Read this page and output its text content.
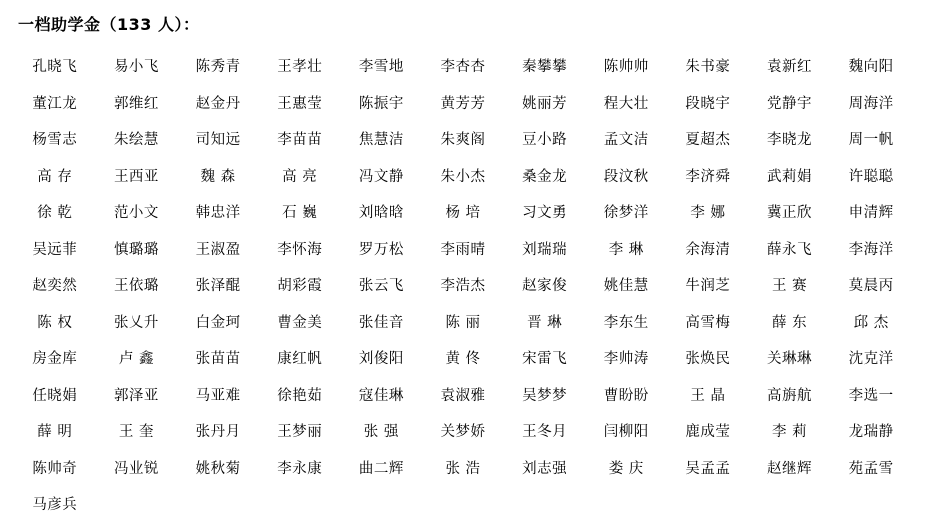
一档助学金（133 人）：
孔晓飞	易小飞	陈秀青	王孝壮	李雪地	李杏杏	秦攀攀	陈帅帅	朱书豪	袁新红	魏向阳
董江龙	郭维红	赵金丹	王惠莹	陈振宇	黄芳芳	姚丽芳	程大壮	段晓宇	党静宇	周海洋
杨雪志	朱绘慧	司知远	李苗苗	焦慧洁	朱爽阁	豆小路	孟文洁	夏超杰	李晓龙	周一帆
高 存	王西亚	魏 森	高 亮	冯文静	朱小杰	桑金龙	段汶秋	李济舜	武莉娟	许聪聪
徐 乾	范小文	韩忠洋	石 巍	刘晗晗	杨 培	习文勇	徐梦洋	李 娜	冀正欣	申清辉
吴远菲	慎璐璐	王淑盈	李怀海	罗万松	李雨晴	刘瑞瑞	李 琳	余海清	薛永飞	李海洋
赵奕然	王依璐	张泽醌	胡彩霞	张云飞	李浩杰	赵家俊	姚佳慧	牛润芝	王 赛	莫晨丙
陈 权	张乂升	白金珂	曹金美	张佳音	陈 丽	晋 琳	李东生	高雪梅	薛 东	邱 杰
房金库	卢 鑫	张苗苗	康红帆	刘俊阳	黄 佟	宋雷飞	李帅涛	张焕民	关琳琳	沈克洋
任晓娟	郭泽亚	马亚难	徐艳茹	寇佳琳	袁淑雅	吴梦梦	曹盼盼	王 晶	高旃航	李选一
薛 明	王 奎	张丹月	王梦丽	张 强	关梦娇	王冬月	闫柳阳	鹿成莹	李 莉	龙瑞静
陈帅奇	冯业锐	姚秋菊	李永康	曲二辉	张 浩	刘志强	娄 庆	吴孟孟	赵继辉	苑孟雪
马彦兵
